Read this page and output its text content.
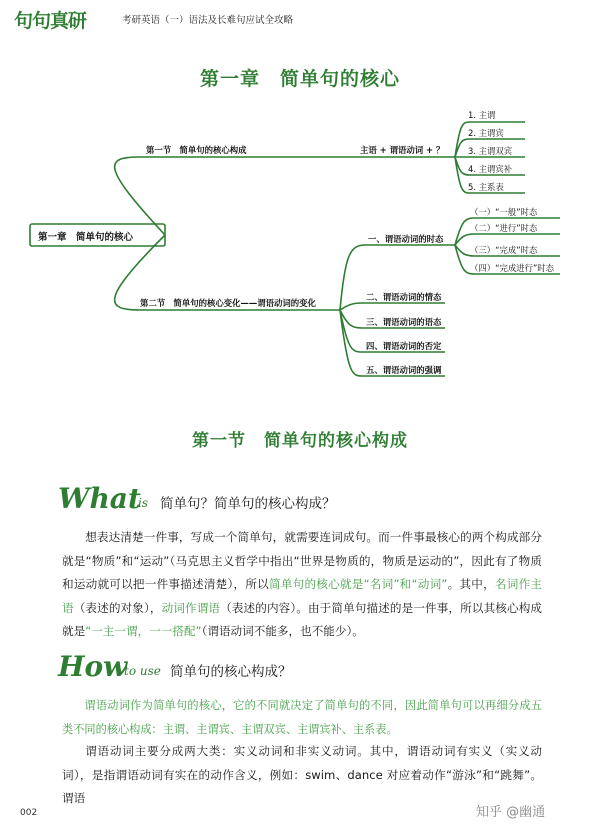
句句真研	考研英语（一）语法及长难句应试全攻略
第一章　简单句的核心
第一章　简单句的核心
第一节　简单句的核心构成	主语 + 谓语动词 + ？
1. 主谓
2. 主谓宾
3. 主谓双宾
4. 主谓宾补
5. 主系表
第二节　简单句的核心变化——谓语动词的变化
一、谓语动词的时态
（一）“一般”时态
（二）“进行”时态
（三）“完成”时态
（四）“完成进行”时态
二、谓语动词的情态
三、谓语动词的语态
四、谓语动词的否定
五、谓语动词的强调
第一节　简单句的核心构成
What
is 简单句？简单句的核心构成？

想表达清楚一件事，写成一个简单句，就需要连词成句。而一件事最核心的两个构成部分就是“物质”和“运动”（马克思主义哲学中指出“世界是物质的，物质是运动的”，因此有了物质和运动就可以把一件事描述清楚），所以简单句的核心就是“名词”和“动词”。其中，名词作主语（表述的对象），动词作谓语（表述的内容）。由于简单句描述的是一件事，所以其核心构成就是“一主一谓，一一搭配”（谓语动词不能多，也不能少）。

How
to use 简单句的核心构成？

谓语动词作为简单句的核心，它的不同就决定了简单句的不同，因此简单句可以再细分成五类不同的核心构成：主谓、主谓宾、主谓双宾、主谓宾补、主系表。

谓语动词主要分成两大类：实义动词和非实义动词。其中，谓语动词有实义（实义动词），是指谓语动词有实在的动作含义，例如：swim、dance 对应着动作“游泳”和“跳舞”。谓语

002	知乎 @幽通
